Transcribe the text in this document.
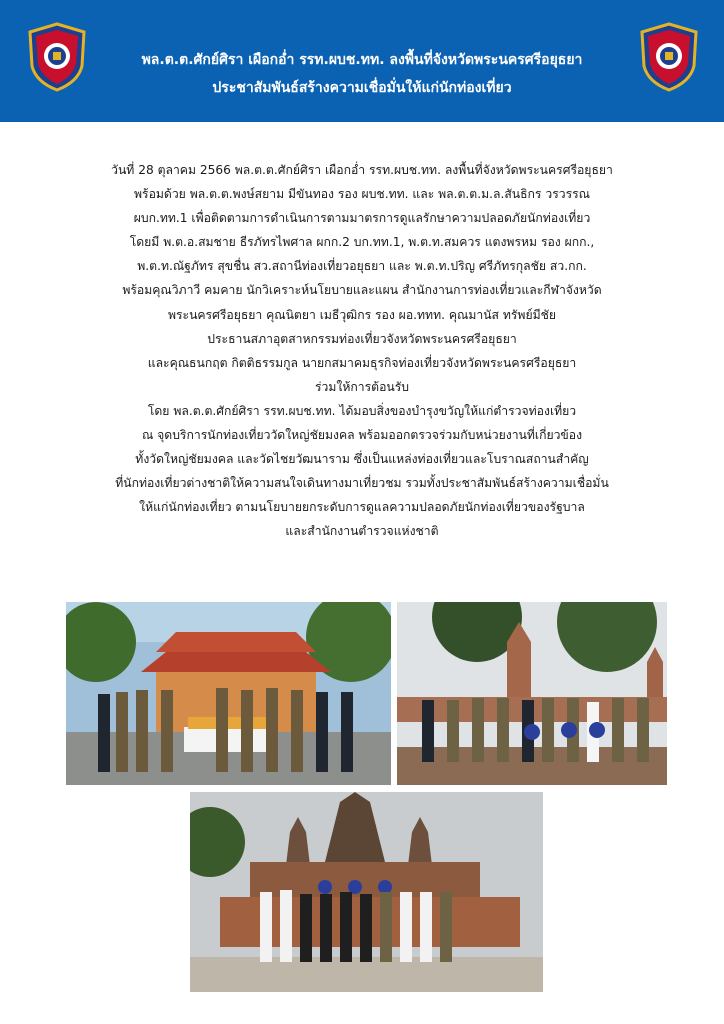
พล.ต.ต.ศักย์ศิรา เผือกอ่ำ รรท.ผบช.ทท. ลงพื้นที่จังหวัดพระนครศรีอยุธยา
ประชาสัมพันธ์สร้างความเชื่อมั่นให้แก่นักท่องเที่ยว
วันที่ 28 ตุลาคม 2566 พล.ต.ต.ศักย์ศิรา เผือกอ่ำ รรท.ผบช.ทท. ลงพื้นที่จังหวัดพระนครศรีอยุธยา
พร้อมด้วย พล.ต.ต.พงษ์สยาม มีขันทอง รอง ผบช.ทท. และ พล.ต.ต.ม.ล.สันธิกร วรวรรณ
ผบก.ทท.1 เพื่อติดตามการดำเนินการตามมาตรการดูแลรักษาความปลอดภัยนักท่องเที่ยว
โดยมี พ.ต.อ.สมชาย ธีรภัทรไพศาล ผกก.2 บก.ทท.1, พ.ต.ท.สมควร แตงพรหม รอง ผกก.,
พ.ต.ท.ณัฐภัทร สุขชื่น สว.สถานีท่องเที่ยวอยุธยา และ พ.ต.ท.ปริญ ศรีภัทรกุลชัย สว.กก.
พร้อมคุณวิภาวี คมคาย นักวิเคราะห์นโยบายและแผน สำนักงานการท่องเที่ยวและกีฬาจังหวัด
พระนครศรีอยุธยา คุณนิตยา เมธีวุฒิกร รอง ผอ.ททท. คุณมานัส ทรัพย์มีชัย
ประธานสภาอุตสาหกรรมท่องเที่ยวจังหวัดพระนครศรีอยุธยา
และคุณธนกฤต กิตติธรรมกูล นายกสมาคมธุรกิจท่องเที่ยวจังหวัดพระนครศรีอยุธยา
ร่วมให้การต้อนรับ
โดย พล.ต.ต.ศักย์ศิรา รรท.ผบช.ทท. ได้มอบสิ่งของบำรุงขวัญให้แก่ตำรวจท่องเที่ยว
ณ จุดบริการนักท่องเที่ยววัดใหญ่ชัยมงคล พร้อมออกตรวจร่วมกับหน่วยงานที่เกี่ยวข้อง
ทั้งวัดใหญ่ชัยมงคล และวัดไชยวัฒนาราม ซึ่งเป็นแหล่งท่องเที่ยวและโบราณสถานสำคัญ
ที่นักท่องเที่ยวต่างชาติให้ความสนใจเดินทางมาเที่ยวชม รวมทั้งประชาสัมพันธ์สร้างความเชื่อมั่น
ให้แก่นักท่องเที่ยว ตามนโยบายยกระดับการดูแลความปลอดภัยนักท่องเที่ยวของรัฐบาล
และสำนักงานตำรวจแห่งชาติ
